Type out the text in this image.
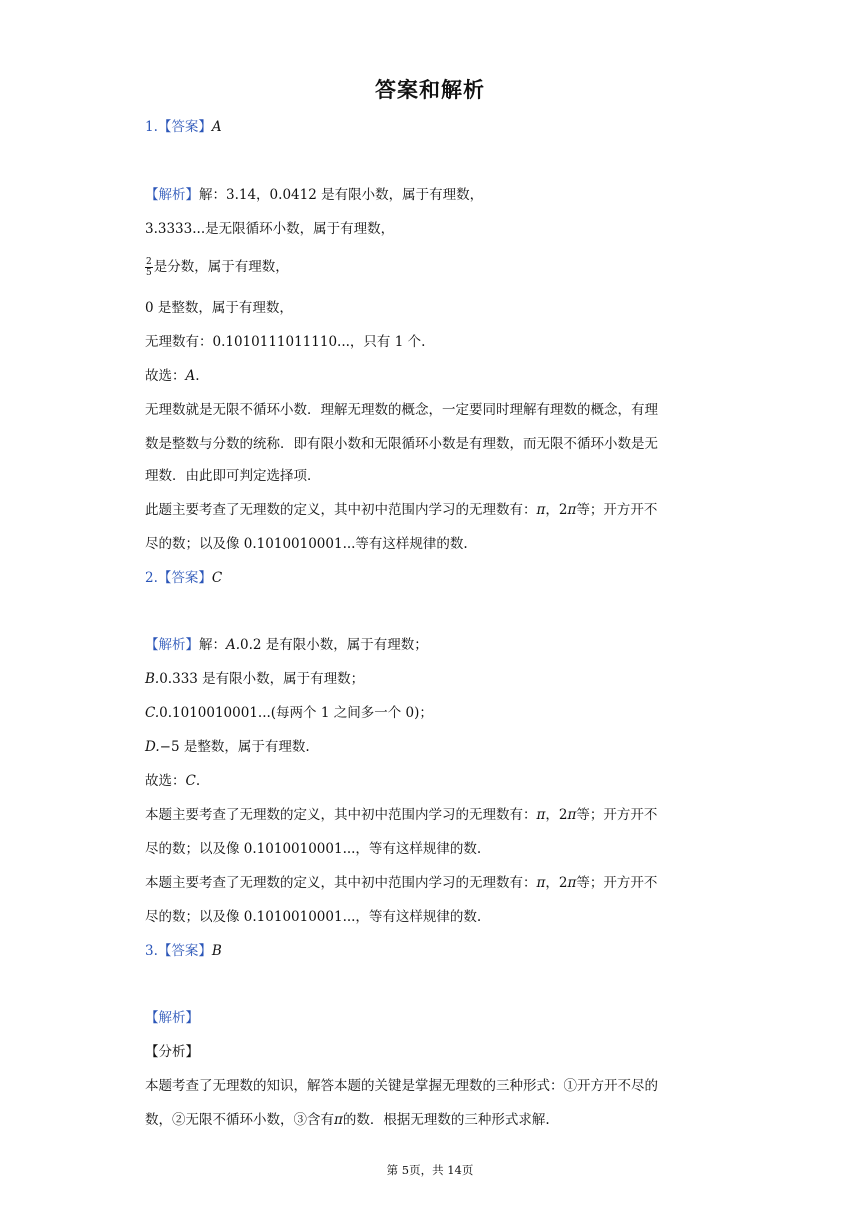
答案和解析
1.【答案】A
【解析】解：3.14，0.0412 是有限小数，属于有理数，
3.3333...是无限循环小数，属于有理数，
$\frac{2}{5}$ 是分数，属于有理数，
0 是整数，属于有理数，
无理数有：0.1010111011110...，只有 1 个.
故选：A.
无理数就是无限不循环小数．理解无理数的概念，一定要同时理解有理数的概念，有理
数是整数与分数的统称．即有限小数和无限循环小数是有理数，而无限不循环小数是无
理数．由此即可判定选择项．
此题主要考查了无理数的定义，其中初中范围内学习的无理数有：π，2π等；开方开不
尽的数；以及像 0.1010010001...等有这样规律的数.
2.【答案】C
【解析】解：A.0.2 是有限小数，属于有理数；
B.0.333 是有限小数，属于有理数；
C.0.1010010001...(每两个 1 之间多一个 0)；
D.−5 是整数，属于有理数.
故选：C.
本题主要考查了无理数的定义，其中初中范围内学习的无理数有：π，2π等；开方开不
尽的数；以及像 0.1010010001...，等有这样规律的数.
本题主要考查了无理数的定义，其中初中范围内学习的无理数有：π，2π等；开方开不
尽的数；以及像 0.1010010001...，等有这样规律的数.
3.【答案】B
【解析】
【分析】
本题考查了无理数的知识，解答本题的关键是掌握无理数的三种形式：①开方开不尽的
数，②无限不循环小数，③含有π的数．根据无理数的三种形式求解.
第 5页，共 14页
